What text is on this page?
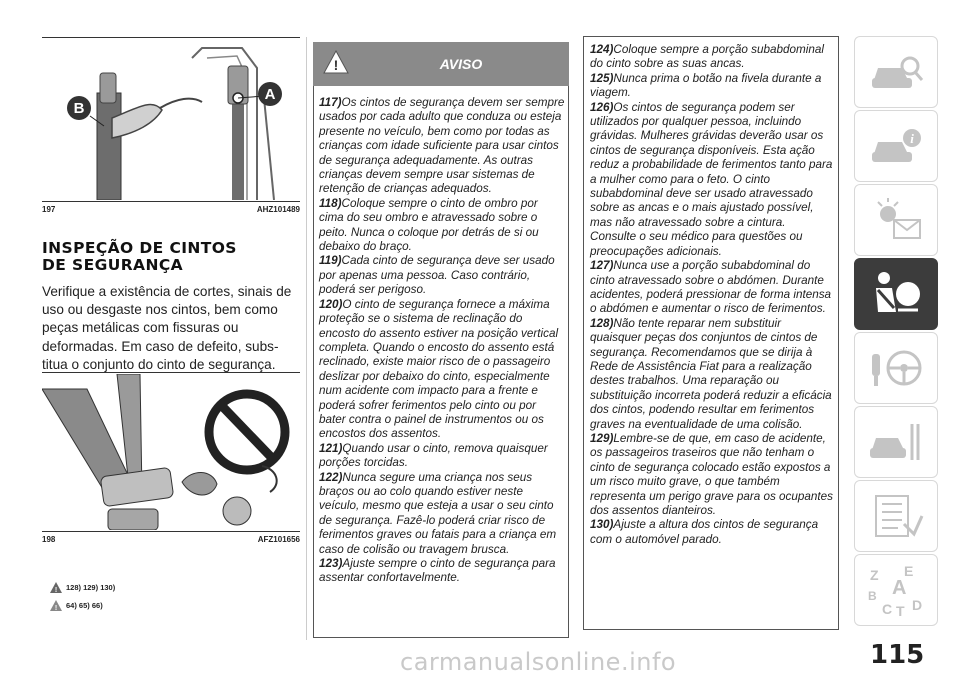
B
A
197	AHZ101489
INSPEÇÃO DE CINTOS
DE SEGURANÇA
Verifique a existência de cortes, sinais de uso ou desgaste nos cintos, bem como peças metálicas com fissuras ou deformadas. Em caso de defeito, subs-titua o conjunto do cinto de segurança.
198	AFZ101656
! 128) 129) 130)
! 64) 65) 66)
!	AVISO

117)Os cintos de segurança devem ser sempre usados por cada adulto que conduza ou esteja presente no veículo, bem como por todas as crianças com idade suficiente para usar cintos de segurança adequadamente. As outras crianças devem sempre usar sistemas de retenção de crianças adequados.

118)Coloque sempre o cinto de ombro por cima do seu ombro e atravessado sobre o peito. Nunca o coloque por detrás de si ou debaixo do braço.

119)Cada cinto de segurança deve ser usado por apenas uma pessoa. Caso contrário, poderá ser perigoso.

120)O cinto de segurança fornece a máxima proteção se o sistema de reclinação do encosto do assento estiver na posição vertical completa. Quando o encosto do assento está reclinado, existe maior risco de o passageiro deslizar por debaixo do cinto, especialmente num acidente com impacto para a frente e poderá sofrer ferimentos pelo cinto ou por bater contra o painel de instrumentos ou os encostos dos assentos.

121)Quando usar o cinto, remova quaisquer porções torcidas.

122)Nunca segure uma criança nos seus braços ou ao colo quando estiver neste veículo, mesmo que esteja a usar o seu cinto de segurança. Fazê-lo poderá criar risco de ferimentos graves ou fatais para a criança em caso de colisão ou travagem brusca.

123)Ajuste sempre o cinto de segurança para assentar confortavelmente.

124)Coloque sempre a porção subabdominal do cinto sobre as suas ancas.

125)Nunca prima o botão na fivela durante a viagem.

126)Os cintos de segurança podem ser utilizados por qualquer pessoa, incluindo grávidas. Mulheres grávidas deverão usar os cintos de segurança disponíveis. Esta ação reduz a probabilidade de ferimentos tanto para a mulher como para o feto. O cinto subabdominal deve ser usado atravessado sobre as ancas e o mais ajustado possível, mas não atravessado sobre a cintura. Consulte o seu médico para questões ou preocupações adicionais.

127)Nunca use a porção subabdominal do cinto atravessado sobre o abdómen. Durante acidentes, poderá pressionar de forma intensa o abdómen e aumentar o risco de ferimentos.

128)Não tente reparar nem substituir quaisquer peças dos conjuntos de cintos de segurança. Recomendamos que se dirija à Rede de Assistência Fiat para a realização destes trabalhos. Uma reparação ou substituição incorreta poderá reduzir a eficácia dos cintos, podendo resultar em ferimentos graves na eventualidade de uma colisão.

129)Lembre-se de que, em caso de acidente, os passageiros traseiros que não tenham o cinto de segurança colocado estão expostos a um risco muito grave, o que também representa um perigo grave para os ocupantes dos assentos dianteiros.

130)Ajuste a altura dos cintos de segurança com o automóvel parado.

i
Z E
B A
C T D
115
carmanualsonline.info
